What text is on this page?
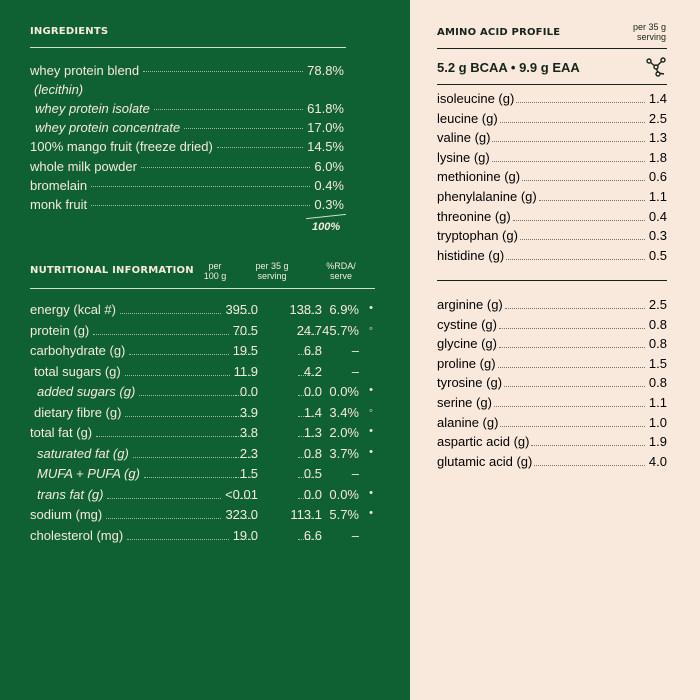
INGREDIENTS
whey protein blend	78.8%
(lecithin)
whey protein isolate	61.8%
whey protein concentrate	17.0%
100% mango fruit (freeze dried)	14.5%
whole milk powder	6.0%
bromelain	0.4%
monk fruit	0.3%
100%
NUTRITIONAL INFORMATION	per 100 g
per 35 g serving
%RDA/ serve
energy (kcal #)	395.0 138.3 6.9% •
protein (g)	70.5	24.7 45.7% ◦
carbohydrate (g)	19.5	6.8 –
total sugars (g)	11.9	4.2 –
added sugars (g)	0.0	0.0 0.0% •
dietary fibre (g)	3.9	1.4 3.4% ◦
total fat (g)	3.8	1.3 2.0% •
saturated fat (g)	2.3	0.8 3.7% •
MUFA + PUFA (g)	1.5	0.5 –
trans fat (g)	<0.01	0.0 0.0% •
sodium (mg)	323.0 113.1 5.7% •
cholesterol (mg)	19.0	6.6 –
AMINO ACID PROFILE	per 35 g serving
5.2 g BCAA • 9.9 g EAA
isoleucine (g)	1.4
leucine (g)	2.5
valine (g)	1.3
lysine (g)	1.8
methionine (g)	0.6
phenylalanine (g)	1.1
threonine (g)	0.4
tryptophan (g)	0.3
histidine (g)	0.5
arginine (g)	2.5
cystine (g)	0.8
glycine (g)	0.8
proline (g)	1.5
tyrosine (g)	0.8
serine (g)	1.1
alanine (g)	1.0
aspartic acid (g)	1.9
glutamic acid (g)	4.0
